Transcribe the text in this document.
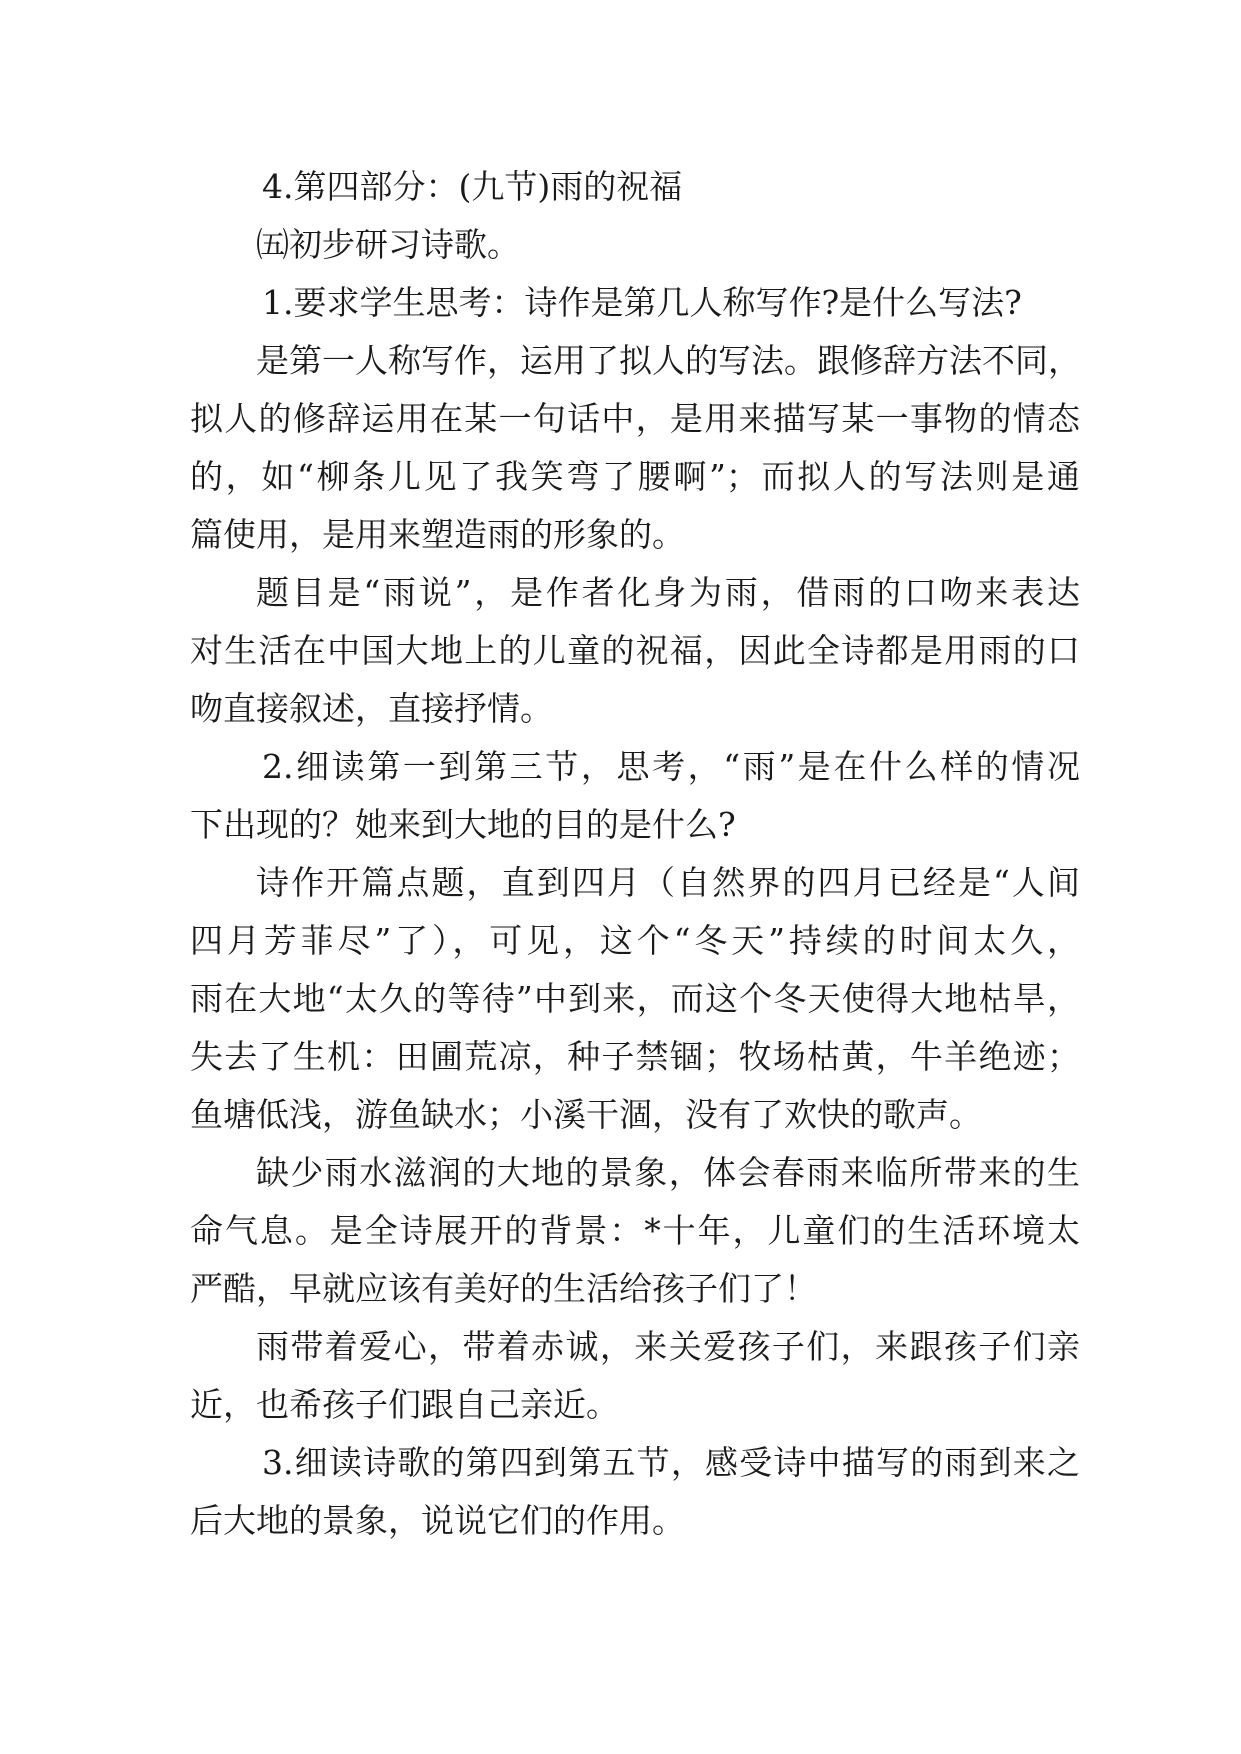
4.第四部分：(九节)雨的祝福
㈤初步研习诗歌。
1.要求学生思考：诗作是第几人称写作?是什么写法?
是第一人称写作，运用了拟人的写法。跟修辞方法不同，
拟人的修辞运用在某一句话中，是用来描写某一事物的情态
的，如“柳条儿见了我笑弯了腰啊”；而拟人的写法则是通
篇使用，是用来塑造雨的形象的。
题目是“雨说”，是作者化身为雨，借雨的口吻来表达
对生活在中国大地上的儿童的祝福，因此全诗都是用雨的口
吻直接叙述，直接抒情。
2.细读第一到第三节，思考，“雨”是在什么样的情况
下出现的？她来到大地的目的是什么?
诗作开篇点题，直到四月（自然界的四月已经是“人间
四月芳菲尽”了），可见，这个“冬天”持续的时间太久，
雨在大地“太久的等待”中到来，而这个冬天使得大地枯旱，
失去了生机：田圃荒凉，种子禁锢；牧场枯黄，牛羊绝迹；
鱼塘低浅，游鱼缺水；小溪干涸，没有了欢快的歌声。
缺少雨水滋润的大地的景象，体会春雨来临所带来的生
命气息。是全诗展开的背景：*十年，儿童们的生活环境太
严酷，早就应该有美好的生活给孩子们了！
雨带着爱心，带着赤诚，来关爱孩子们，来跟孩子们亲
近，也希孩子们跟自己亲近。
3.细读诗歌的第四到第五节，感受诗中描写的雨到来之
后大地的景象，说说它们的作用。
